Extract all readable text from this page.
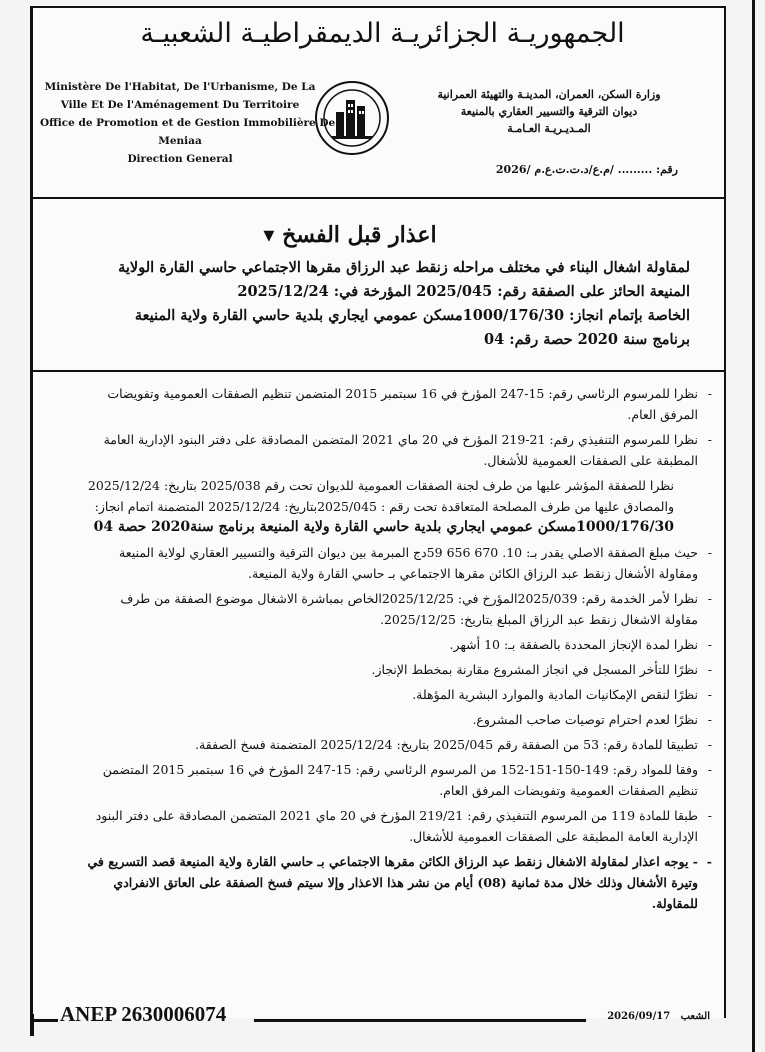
الجمهوريـة الجزائريـة الديمقراطيـة الشعبيـة
Ministère De l'Habitat, De l'Urbanisme, De La
Ville Et De l'Aménagement Du Territoire
Office de Promotion et de Gestion Immobilière De
Meniaa
Direction General
وزارة السكن، العمران، المدينـة والتهيئة العمرانية
ديوان الترقية والتسيير العقاري بالمنيعة
المـديـريـة العـامـة
رقم: ......... /م.ع/د.ت.ت.ع.م /2026
اعذار قبل الفسخ ▾
لمقاولة اشغال البناء في مختلف مراحله زنقط عبد الرزاق مقرها الاجتماعي حاسي القارة الولاية
المنيعة الحائز على الصفقة رقم: 2025/045 المؤرخة في: 2025/12/24
الخاصة بإتمام انجاز: 1000/176/30مسكن عمومي ايجاري بلدية حاسي القارة ولاية المنيعة
برنامج سنة 2020 حصة رقم: 04
-
نظرا للمرسوم الرئاسي رقم: 15-247 المؤرخ في 16 سبتمبر 2015 المتضمن تنظيم الصفقات العمومية وتفويضات
المرفق العام.
-
نظرا للمرسوم التنفيذي رقم: 21-219 المؤرخ في 20 ماي 2021 المتضمن المصادقة على دفتر البنود الإدارية العامة
المطبقة على الصفقات العمومية للأشغال.
نظرا للصفقة المؤشر عليها من طرف لجنة الصفقات العمومية للديوان تحت رقم 2025/038 بتاريخ: 2025/12/24
والمصادق عليها من طرف المصلحة المتعاقدة تحت رقم : 2025/045بتاريخ: 2025/12/24 المتضمنة اتمام انجاز:
1000/176/30مسكن عمومي ايجاري بلدية حاسي القارة ولاية المنيعة برنامج سنة2020 حصة 04
-
حيث مبلغ الصفقة الاصلي يقدر بـ: 10. 670 656 59دج المبرمة بين ديوان الترقية والتسيير العقاري لولاية المنيعة
ومقاولة الأشغال زنقط عبد الرزاق الكائن مقرها الاجتماعي بـ حاسي القارة ولاية المنيعة.
-
نظرا لأمر الخدمة رقم: 2025/039المؤرخ في: 2025/12/25الخاص بمباشرة الاشغال موضوع الصفقة من طرف
مقاولة الاشغال زنقط عبد الرزاق المبلغ بتاريخ: 2025/12/25.
-
نظرا لمدة الإنجاز المحددة بالصفقة بـ: 10 أشهر.
-
نظرًا للتأخر المسجل في انجاز المشروع مقارنة بمخطط الإنجاز.
-
نظرًا لنقص الإمكانيات المادية والموارد البشرية المؤهلة.
-
نظرًا لعدم احترام توصيات صاحب المشروع.
-
تطبيقا للمادة رقم: 53 من الصفقة رقم 2025/045 بتاريخ: 2025/12/24 المتضمنة فسخ الصفقة.
-
وفقا للمواد رقم: 149-150-151-152 من المرسوم الرئاسي رقم: 15-247 المؤرخ في 16 سبتمبر 2015 المتضمن
تنظيم الصفقات العمومية وتفويضات المرفق العام.
-
طبقا للمادة 119 من المرسوم التنفيذي رقم: 219/21 المؤرخ في 20 ماي 2021 المتضمن المصادقة على دفتر البنود
الإدارية العامة المطبقة على الصفقات العمومية للأشغال.
-
- يوجه اعذار لمقاولة الاشغال زنقط عبد الرزاق الكائن مقرها الاجتماعي بـ حاسي القارة ولاية المنيعة قصد التسريع في
وتيرة الأشغال وذلك خلال مدة ثمانية (08) أيام من نشر هذا الاعذار وإلا سيتم فسخ الصفقة على العاتق الانفرادي
للمقاولة.
ANEP 2630006074	الشعب   2026/09/17
